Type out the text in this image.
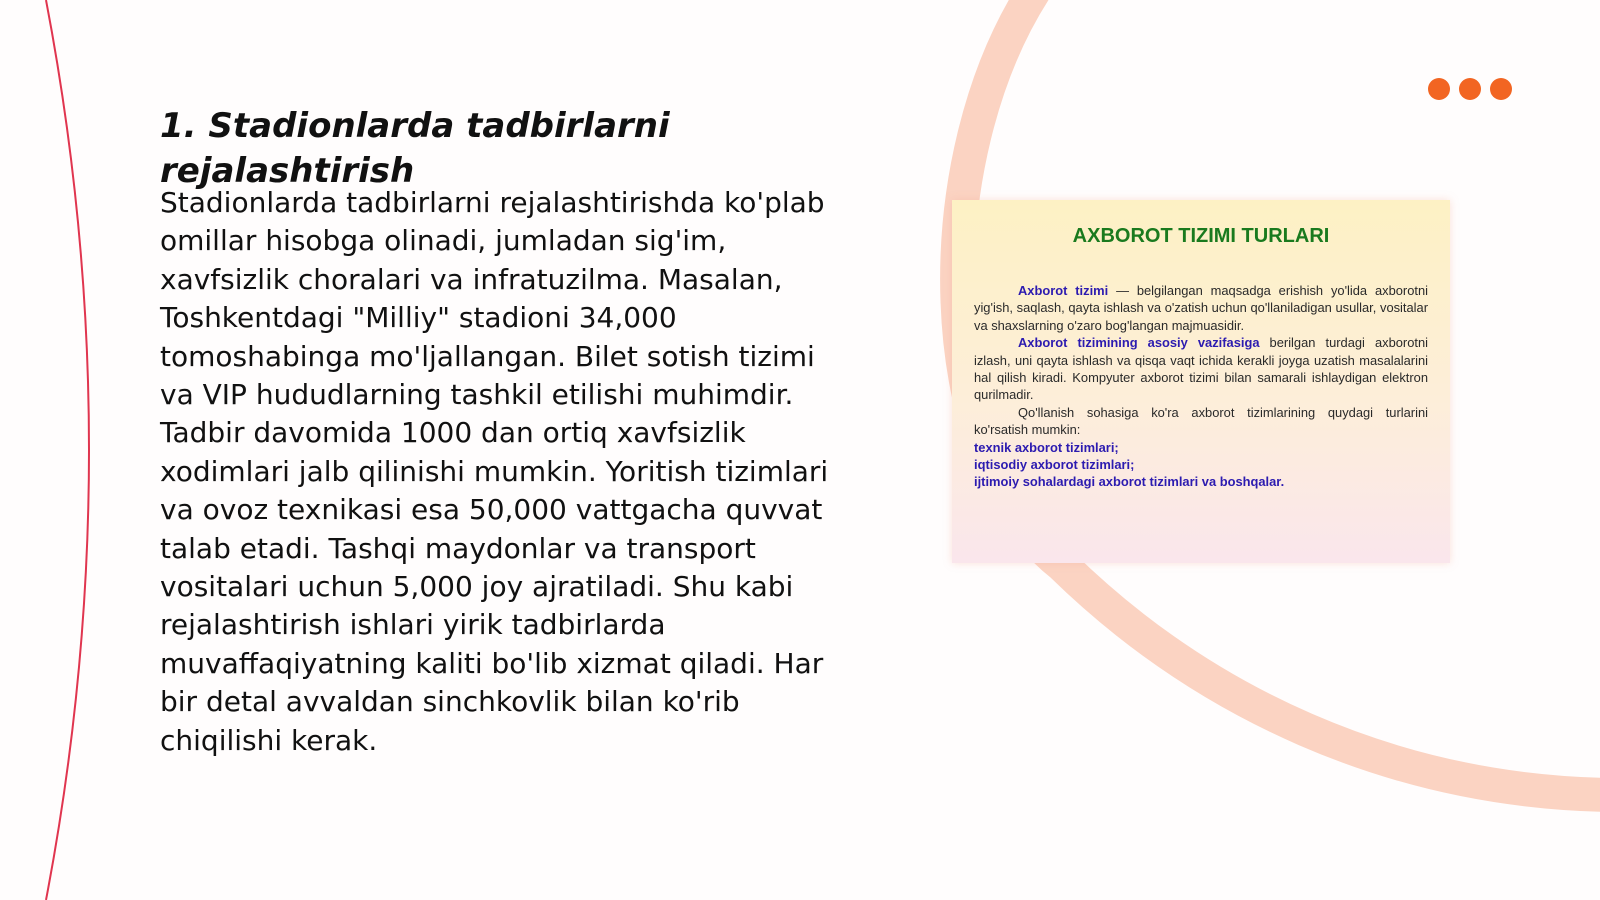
1. Stadionlarda tadbirlarni rejalashtirish

Stadionlarda tadbirlarni rejalashtirishda ko'plab omillar hisobga olinadi, jumladan sig'im, xavfsizlik choralari va infratuzilma. Masalan, Toshkentdagi "Milliy" stadioni 34,000 tomoshabinga mo'ljallangan. Bilet sotish tizimi va VIP hududlarning tashkil etilishi muhimdir. Tadbir davomida 1000 dan ortiq xavfsizlik xodimlari jalb qilinishi mumkin. Yoritish tizimlari va ovoz texnikasi esa 50,000 vattgacha quvvat talab etadi. Tashqi maydonlar va transport vositalari uchun 5,000 joy ajratiladi. Shu kabi rejalashtirish ishlari yirik tadbirlarda muvaffaqiyatning kaliti bo'lib xizmat qiladi. Har bir detal avvaldan sinchkovlik bilan ko'rib chiqilishi kerak.

AXBOROT TIZIMI TURLARI

Axborot tizimi — belgilangan maqsadga erishish yo'lida axborotni yig'ish, saqlash, qayta ishlash va o'zatish uchun qo'llaniladigan usullar, vositalar va shaxslarning o'zaro bog'langan majmuasidir.

Axborot tizimining asosiy vazifasiga berilgan turdagi axborotni izlash, uni qayta ishlash va qisqa vaqt ichida kerakli joyga uzatish masalalarini hal qilish kiradi. Kompyuter axborot tizimi bilan samarali ishlaydigan elektron qurilmadir.

Qo'llanish sohasiga ko'ra axborot tizimlarining quydagi turlarini ko'rsatish mumkin:

texnik axborot tizimlari;
iqtisodiy axborot tizimlari;
ijtimoiy sohalardagi axborot tizimlari va boshqalar.
